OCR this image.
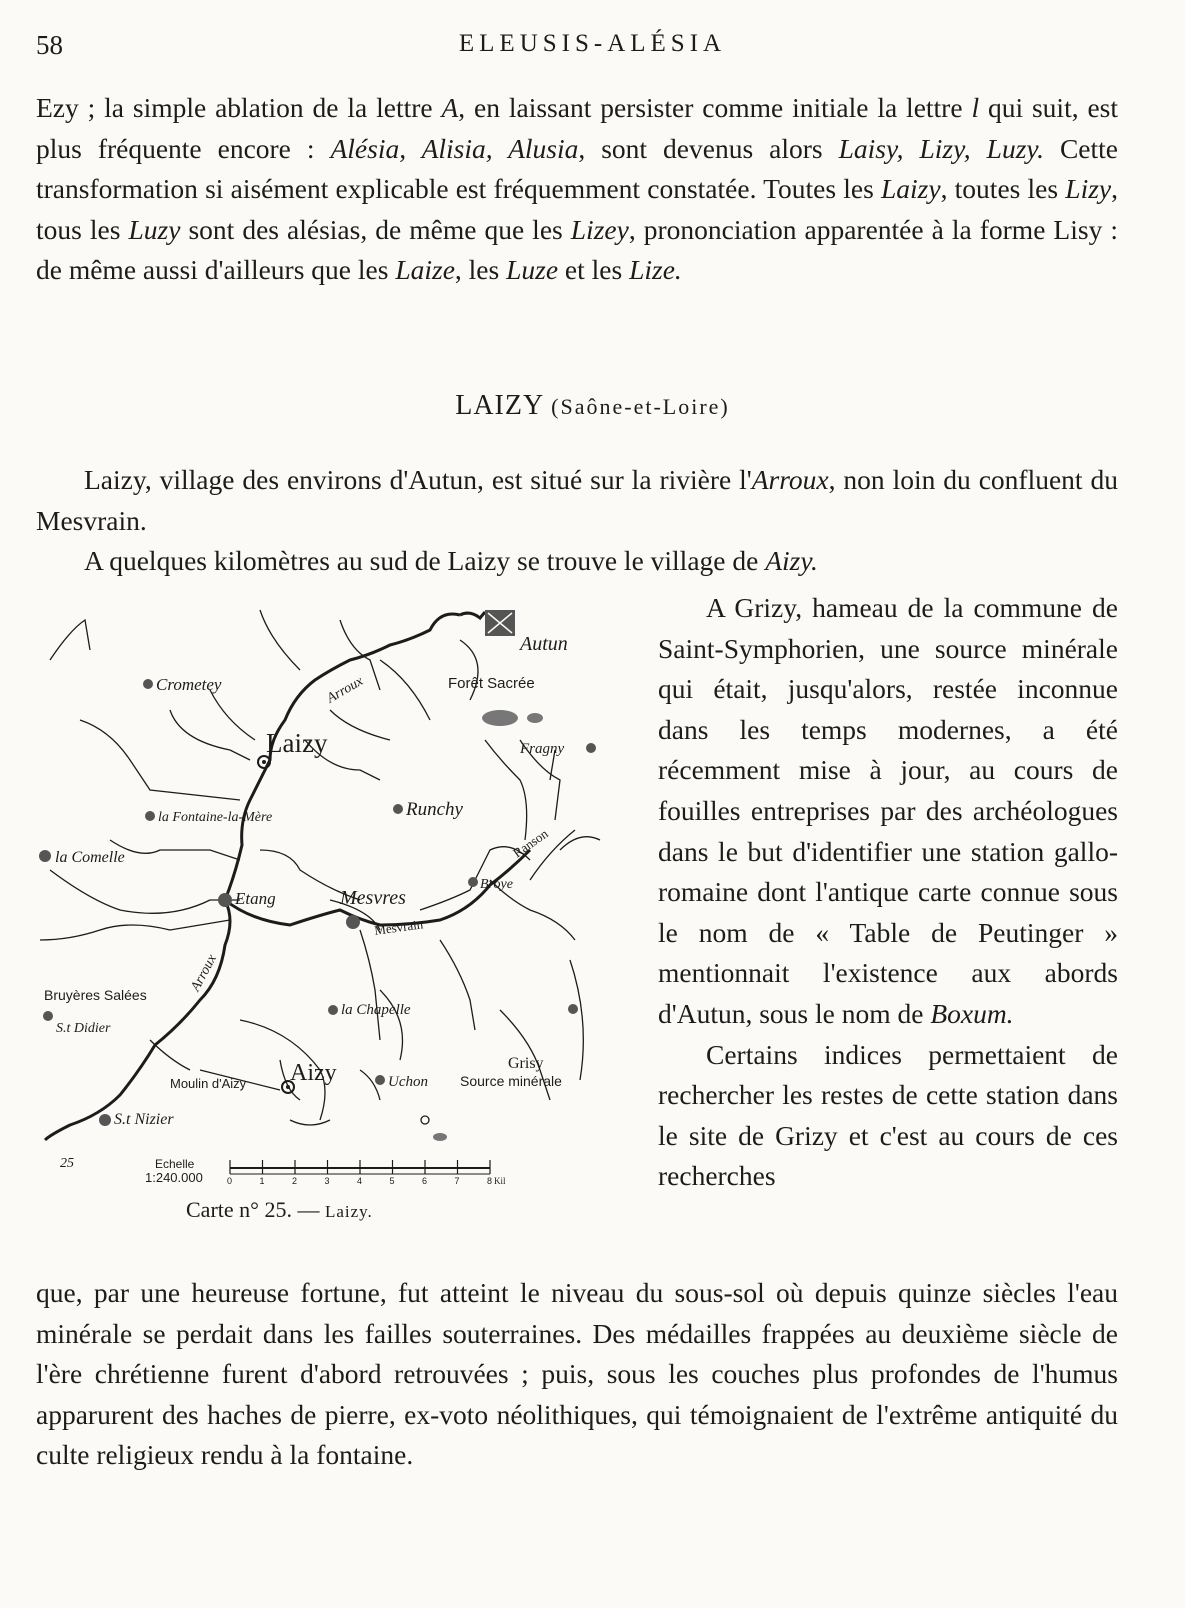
58	ELEUSIS-ALÉSIA

Ezy ; la simple ablation de la lettre A, en laissant persister comme initiale la lettre l qui suit, est plus fréquente encore : Alésia, Alisia, Alusia, sont devenus alors Laisy, Lizy, Luzy. Cette transformation si aisément explicable est fréquemment constatée. Toutes les Laizy, toutes les Lizy, tous les Luzy sont des alésias, de même que les Lizey, prononciation apparentée à la forme Lisy : de même aussi d'ailleurs que les Laize, les Luze et les Lize.

LAIZY (Saône-et-Loire)

Laizy, village des environs d'Autun, est situé sur la rivière l'Arroux, non loin du confluent du Mesvrain.

A quelques kilomètres au sud de Laizy se trouve le village de Aizy.

A Grizy, hameau de la commune de Saint-Symphorien, une source minérale qui était, jusqu'alors, restée inconnue dans les temps modernes, a été récemment mise à jour, au cours de fouilles entreprises par des archéologues dans le but d'identifier une station gallo-romaine dont l'antique carte connue sous le nom de « Table de Peutinger » mentionnait l'existence aux abords d'Autun, sous le nom de Boxum.
Certains indices permettaient de rechercher les restes de cette station dans le site de Grizy et c'est au cours de ces recherches

que, par une heureuse fortune, fut atteint le niveau du sous-sol où depuis quinze siècles l'eau minérale se perdait dans les failles souterraines. Des médailles frappées au deuxième siècle de l'ère chrétienne furent d'abord retrouvées ; puis, sous les couches plus profondes de l'humus apparurent des haches de pierre, ex-voto néolithiques, qui témoignaient de l'extrême antiquité du culte religieux rendu à la fontaine.

Autun
Crometey	Arroux	Forêt Sacrée
Laizy	Fragny
la Fontaine-la-Mère	Runchy
la Comelle	Ranson
Broye
Etang	Mesvres
Mesvrain
Arroux
Bruyères Salées
S.t Didier
la Chapelle
Grisy
Moulin d'Aizy Aizy	Uchon Source minérale
S.t Nizier
25	Echelle
1:240.000	0	1	2	3	4	5	6	7	8 Kil
Carte n° 25. — Laizy.
